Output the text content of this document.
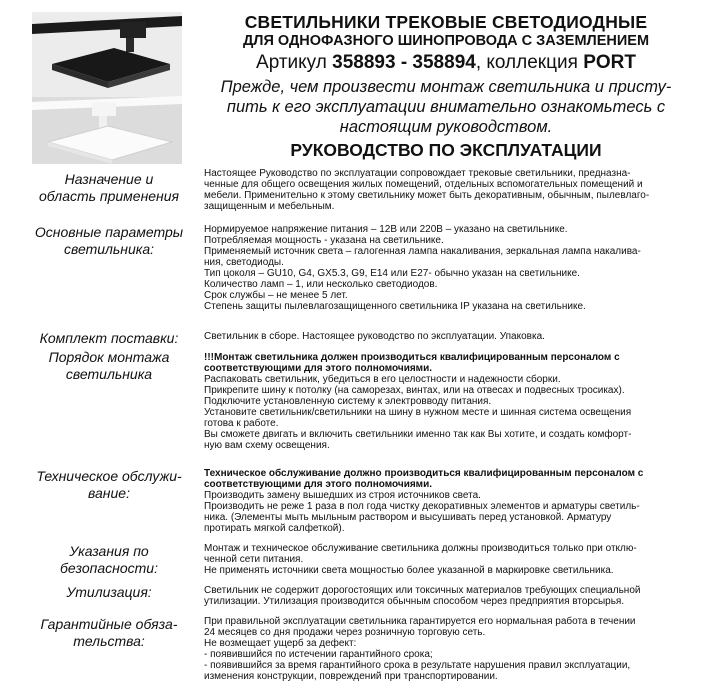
СВЕТИЛЬНИКИ ТРЕКОВЫЕ СВЕТОДИОДНЫЕ
ДЛЯ ОДНОФАЗНОГО ШИНОПРОВОДА С ЗАЗЕМЛЕНИЕМ
Артикул 358893 - 358894, коллекция PORT
Прежде, чем произвести монтаж светильника и присту-
пить к его эксплуатации внимательно ознакомьтесь с
настоящим руководством.
РУКОВОДСТВО ПО ЭКСПЛУАТАЦИИ
Назначение и
область применения
Настоящее Руководство по эксплуатации сопровождает трековые светильники, предназна-
ченные для общего освещения жилых помещений, отдельных вспомогательных помещений и
мебели. Применительно к этому светильнику может быть декоративным, обычным, пылевлаго-
защищенным и мебельным.
Основные параметры
светильника:
Нормируемое напряжение питания – 12В или 220В – указано на светильнике.
Потребляемая мощность - указана на светильнике.
Применяемый источник света – галогенная лампа накаливания, зеркальная лампа накалива-
ния, светодиоды.
Тип цоколя – GU10, G4, GX5.3, G9, E14 или E27- обычно указан на светильнике.
Количество ламп – 1, или несколько светодиодов.
Срок службы – не менее 5 лет.
Степень защиты пылевлагозащищенного светильника IP указана на светильнике.
Комплект поставки:	Светильник в сборе. Настоящее руководство по эксплуатации. Упаковка.
Порядок монтажа
светильника
!!!Монтаж светильника должен производиться квалифицированным персоналом с
соответствующими для этого полномочиями.
Распаковать светильник, убедиться в его целостности и надежности сборки.
Прикрепите шину к потолку (на саморезах, винтах, или на отвесах и подвесных тросиках).
Подключите установленную систему к электровводу питания.
Установите светильник/светильники на шину в нужном месте и шинная система освещения
готова к работе.
Вы сможете двигать и включить светильники именно так как Вы хотите, и создать комфорт-
ную вам схему освещения.
Техническое обслужи-
вание:
Техническое обслуживание должно производиться квалифицированным персоналом с
соответствующими для этого полномочиями.
Производить замену вышедших из строя источников света.
Производить не реже 1 раза в пол года чистку декоративных элементов и арматуры светиль-
ника. (Элементы мыть мыльным раствором и высушивать перед установкой. Арматуру
протирать мягкой салфеткой).
Указания по
безопасности:
Монтаж и техническое обслуживание светильника должны производиться только при отклю-
ченной сети питания.
Не применять источники света мощностью более указанной в маркировке светильника.
Утилизация:	Светильник не содержит дорогостоящих или токсичных материалов требующих специальной
утилизации. Утилизация производится обычным способом через предприятия вторсырья.
Гарантийные обяза-
тельства:
При правильной эксплуатации светильника гарантируется его нормальная работа в течении
24 месяцев со дня продажи через розничную торговую сеть.
Не возмещает ущерб за дефект:
- появившийся по истечении гарантийного срока;
- появившийся за время гарантийного срока в результате нарушения правил эксплуатации,
изменения конструкции, повреждений при транспортировании.
